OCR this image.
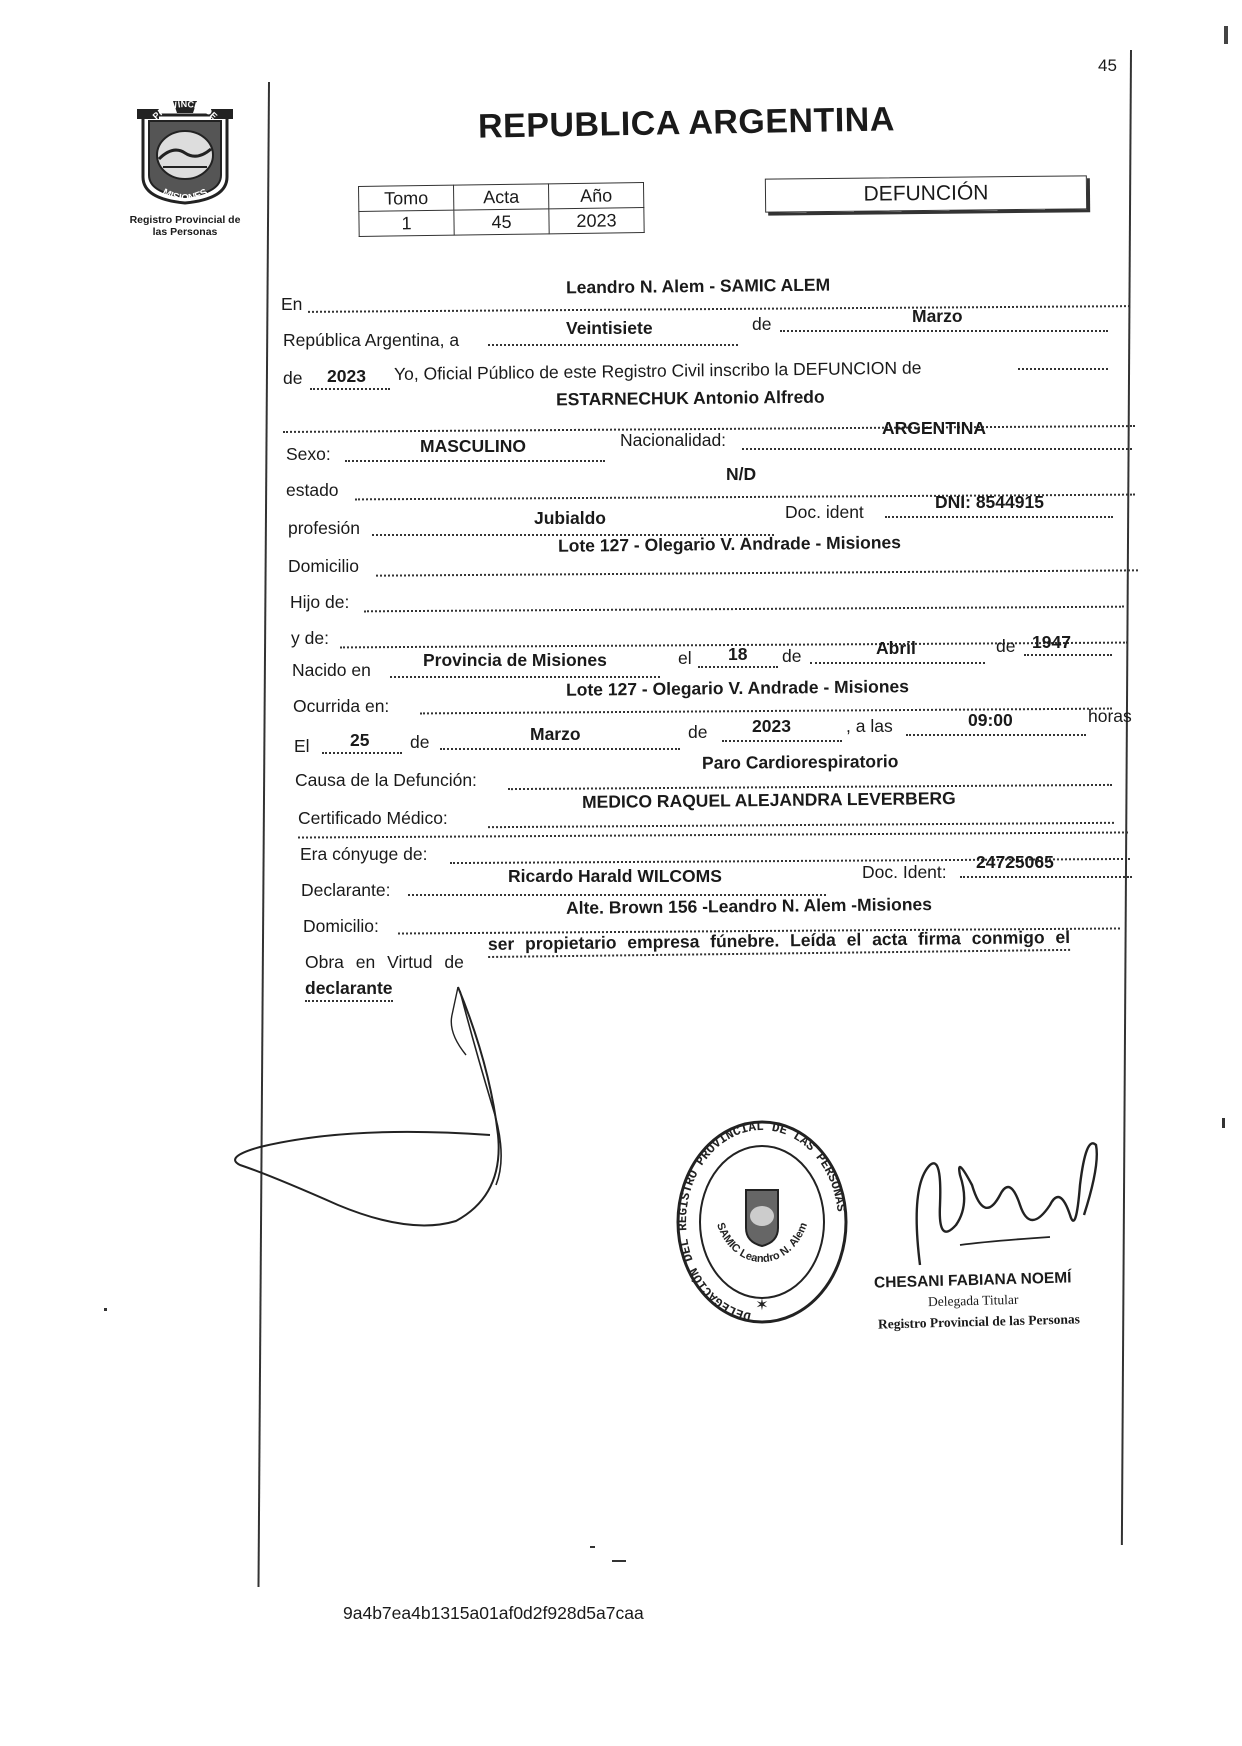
45
PROVINCIA DE
MISIONES
Registro Provincial de
las Personas
REPUBLICA ARGENTINA
Tomo	Acta	Año
1	45	2023
DEFUNCIÓN
En
Leandro N. Alem - SAMIC ALEM
República Argentina, a
Veintisiete	de	Marzo
de 2023 Yo, Oficial Público de este Registro Civil inscribo la DEFUNCION de
ESTARNECHUK Antonio Alfredo
Sexo:	MASCULINO	Nacionalidad:
ARGENTINA
estado
N/D
profesión	Jubialdo	Doc. ident	DNI: 8544915
Domicilio
Lote 127 - Olegario V. Andrade - Misiones
Hijo de:
y de:
Nacido en	Provincia de Misiones	el 18 de	Abril	de 1947
Ocurrida en:
Lote 127 - Olegario V. Andrade - Misiones
El 25 de	Marzo	de	2023	, a las	09:00	horas
Causa de la Defunción:
Paro Cardiorespiratorio
Certificado Médico:
MEDICO RAQUEL ALEJANDRA LEVERBERG
Era cónyuge de:
Declarante:
Ricardo Harald WILCOMS	Doc. Ident: 24725065
Domicilio:
Alte. Brown 156 -Leandro N. Alem -Misiones
Obra en Virtud de
ser propietario empresa fúnebre. Leída el acta firma conmigo el
declarante
DELEGACIÓN DEL REGISTRO PROVINCIAL DE LAS PERSONAS
SAMIC Leandro N. Alem
✶
CHESANI FABIANA NOEMÍ
Delegada Titular
Registro Provincial de las Personas
9a4b7ea4b1315a01af0d2f928d5a7caa
